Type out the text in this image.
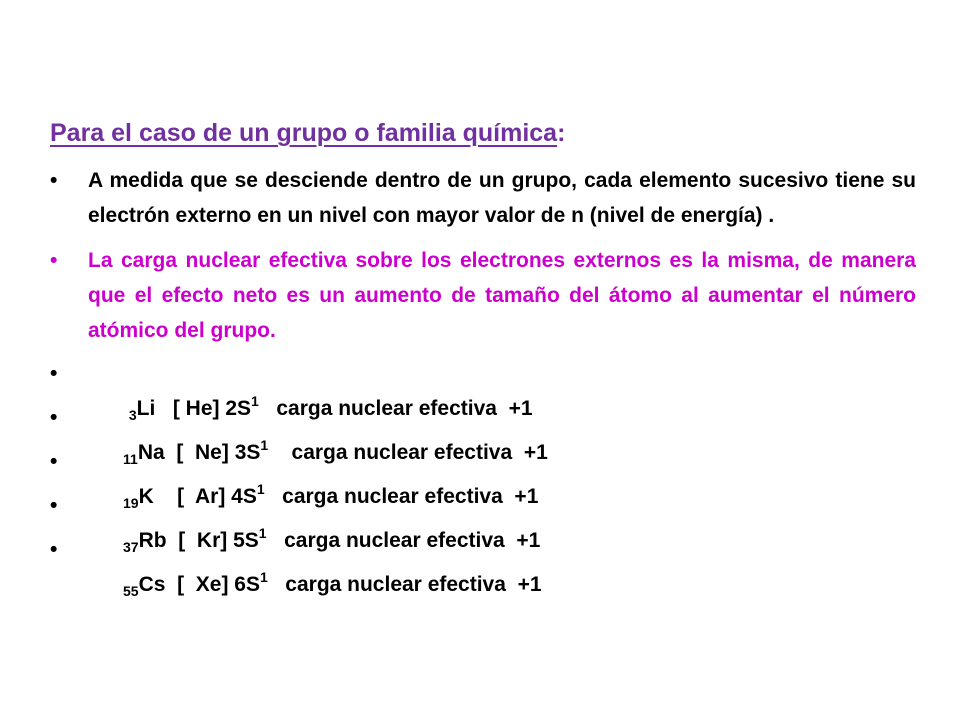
Para el caso de un grupo o familia química:
•	A medida que se desciende dentro de un grupo, cada elemento sucesivo tiene su electrón externo en un nivel con mayor valor de n (nivel de energía) .
•	La carga nuclear efectiva sobre los electrones externos es la misma, de manera que el efecto neto es un aumento de tamaño del átomo al aumentar el número atómico del grupo.

•
$_3$Li   [ He] $2S^1$   carga nuclear efectiva  +1

•
$_{11}$Na  [  Ne] $3S^1$    carga nuclear efectiva  +1

•
$_{19}$K    [  Ar] $4S^1$   carga nuclear efectiva  +1

•
$_{37}$Rb  [  Kr] $5S^1$   carga nuclear efectiva  +1

•
$_{55}$Cs  [  Xe] $6S^1$   carga nuclear efectiva  +1
